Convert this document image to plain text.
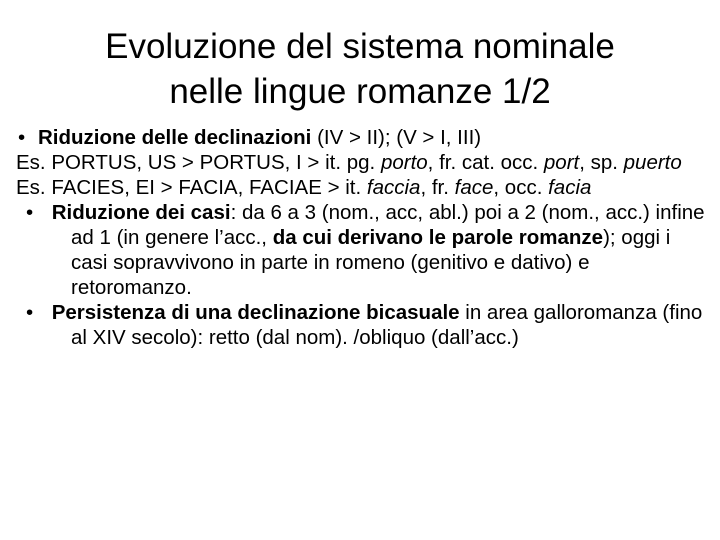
Evoluzione del sistema nominale
nelle lingue romanze 1/2

• Riduzione delle declinazioni (IV > II); (V > I, III)

Es. PORTUS, US > PORTUS, I > it. pg. porto, fr. cat. occ. port, sp. puerto

Es. FACIES, EI > FACIA, FACIAE > it. faccia, fr. face, occ. facia

• Riduzione dei casi: da 6 a 3 (nom., acc, abl.) poi a 2 (nom., acc.) infine ad 1 (in genere l’acc., da cui derivano le parole romanze); oggi i casi sopravvivono in parte in romeno (genitivo e dativo) e retoromanzo.

• Persistenza di una declinazione bicasuale in area galloromanza (fino al XIV secolo): retto (dal nom). /obliquo (dall’acc.)
